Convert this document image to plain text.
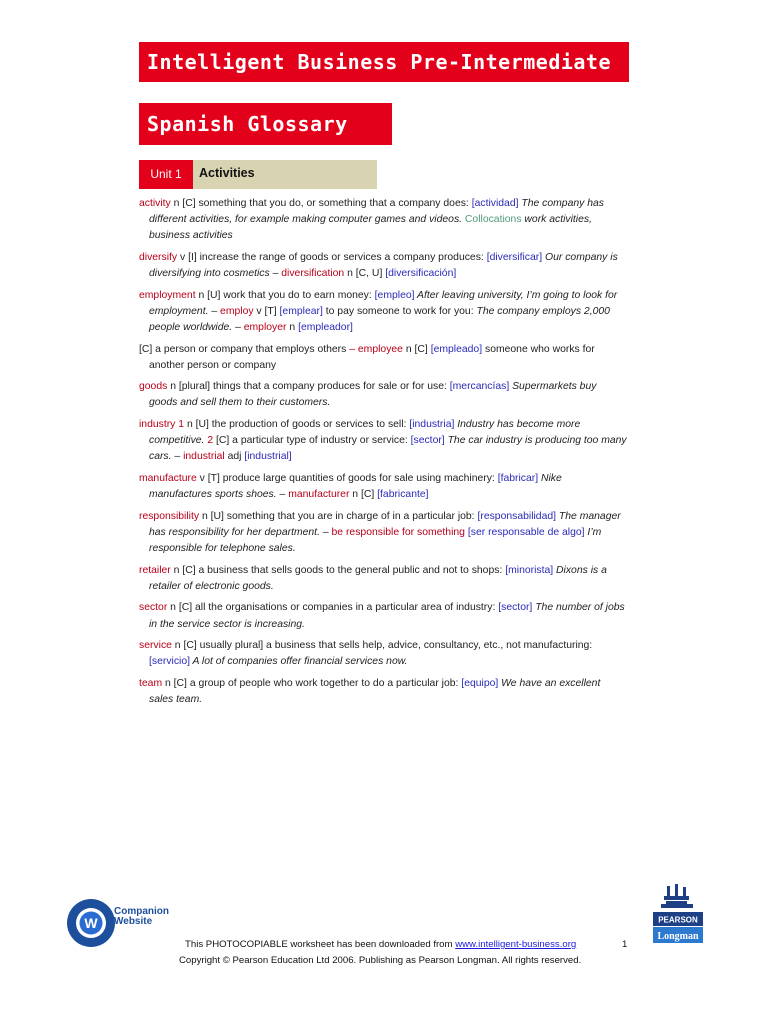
Intelligent Business Pre-Intermediate
Spanish Glossary
Unit 1	Activities

activity n [C] something that you do, or something that a company does: [actividad] The company has different activities, for example making computer games and videos. Collocations work activities, business activities

diversify v [I] increase the range of goods or services a company produces: [diversificar] Our company is diversifying into cosmetics – diversification n [C, U] [diversificación]

employment n [U] work that you do to earn money: [empleo] After leaving university, I’m going to look for employment. – employ v [T] [emplear] to pay someone to work for you: The company employs 2,000 people worldwide. – employer n [empleador]

[C] a person or company that employs others – employee n [C] [empleado] someone who works for another person or company

goods n [plural] things that a company produces for sale or for use: [mercancías] Supermarkets buy goods and sell them to their customers.

industry 1 n [U] the production of goods or services to sell: [industria] Industry has become more competitive. 2 [C] a particular type of industry or service: [sector] The car industry is producing too many cars. – industrial adj [industrial]

manufacture v [T] produce large quantities of goods for sale using machinery: [fabricar] Nike manufactures sports shoes. – manufacturer n [C] [fabricante]

responsibility n [U] something that you are in charge of in a particular job: [responsabilidad] The manager has responsibility for her department. – be responsible for something [ser responsable de algo] I’m responsible for telephone sales.

retailer n [C] a business that sells goods to the general public and not to shops: [minorista] Dixons is a retailer of electronic goods.

sector n [C] all the organisations or companies in a particular area of industry: [sector] The number of jobs in the service sector is increasing.

service n [C] usually plural] a business that sells help, advice, consultancy, etc., not manufacturing: [servicio] A lot of companies offer financial services now.

team n [C] a group of people who work together to do a particular job: [equipo] We have an excellent sales team.

W
Companion
Website	PEARSON
Longman
This PHOTOCOPIABLE worksheet has been downloaded from www.intelligent-business.org	1
Copyright © Pearson Education Ltd 2006. Publishing as Pearson Longman. All rights reserved.
